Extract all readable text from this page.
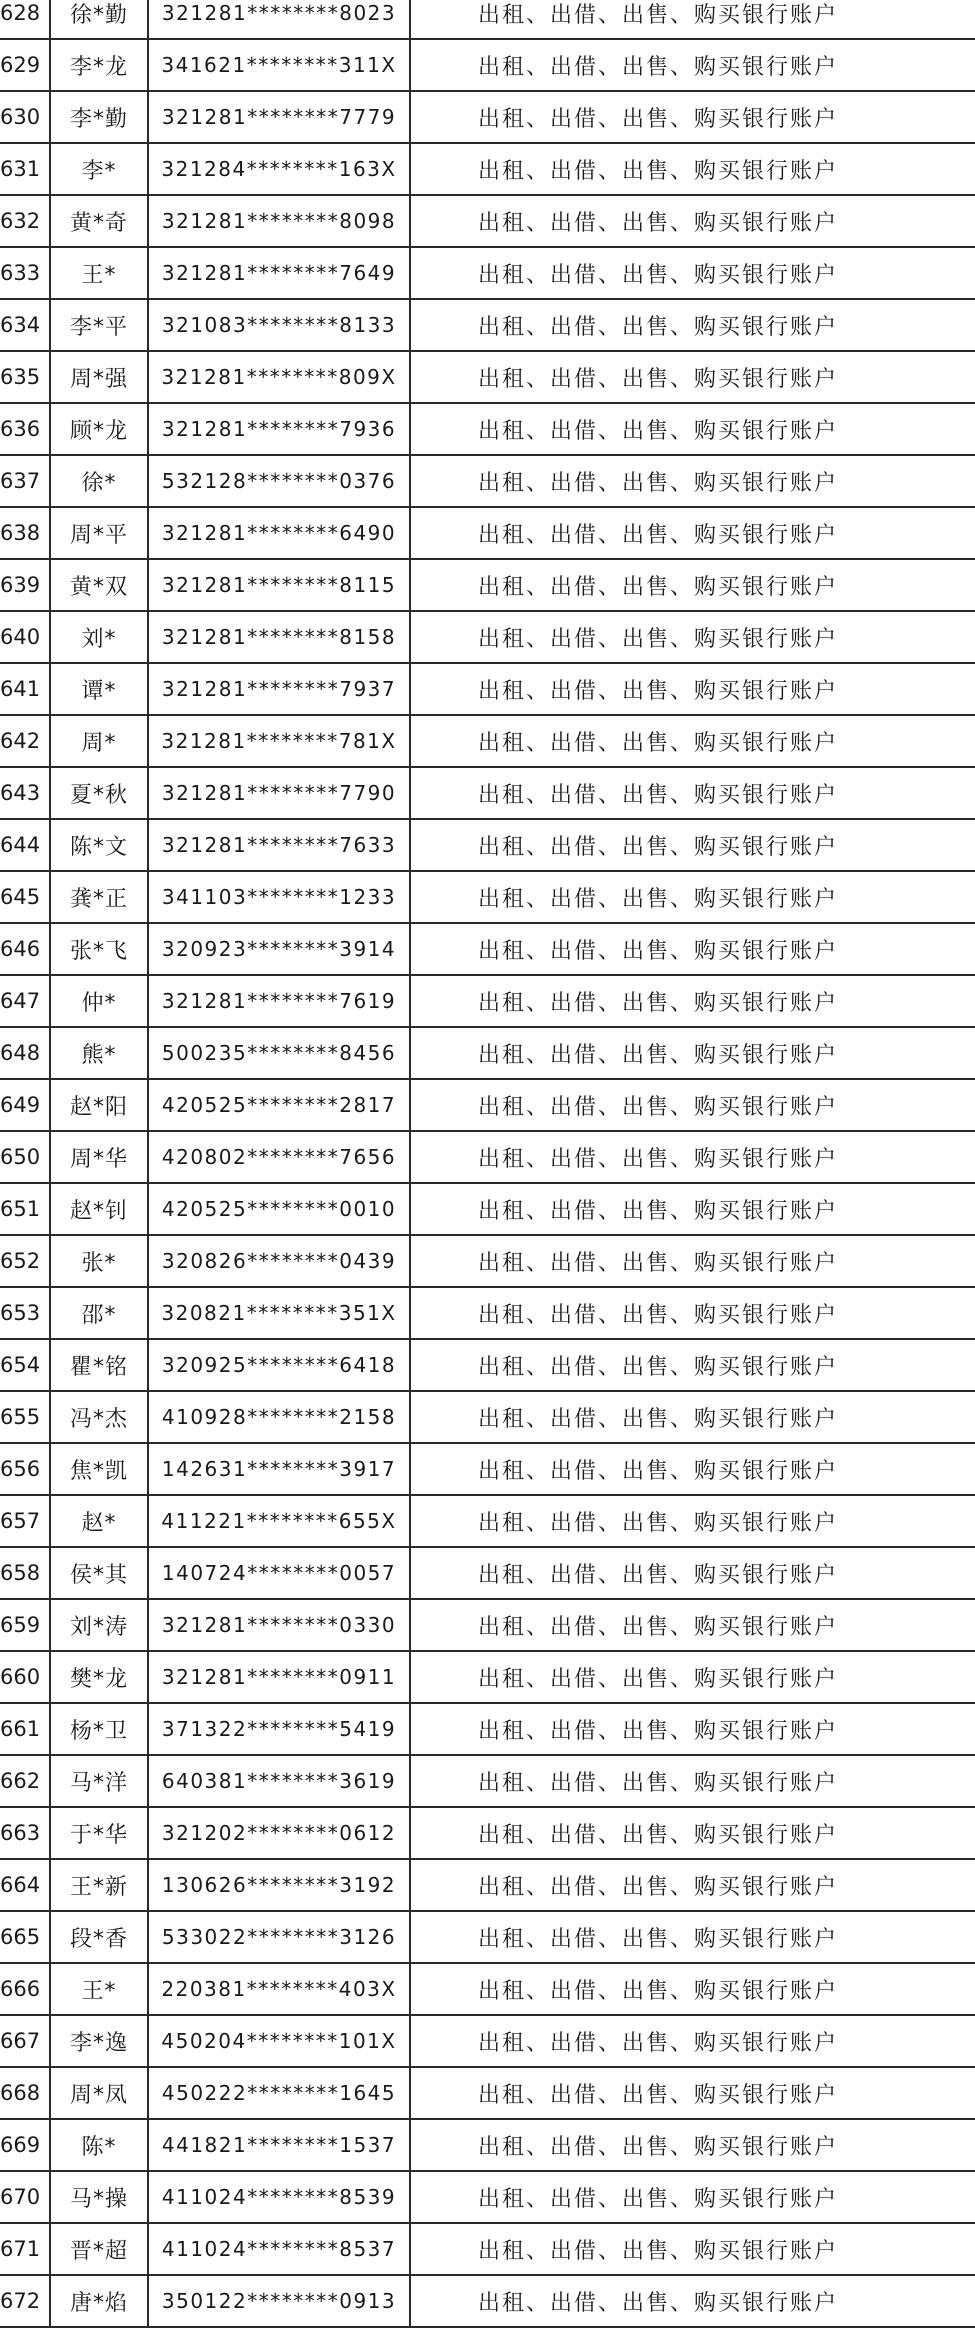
628 徐*勤 321281********8023	出租、出借、出售、购买银行账户
629 李*龙 341621********311X	出租、出借、出售、购买银行账户
630 李*勤 321281********7779	出租、出借、出售、购买银行账户
631 李* 321284********163X	出租、出借、出售、购买银行账户
632 黄*奇 321281********8098	出租、出借、出售、购买银行账户
633 王* 321281********7649	出租、出借、出售、购买银行账户
634 李*平 321083********8133	出租、出借、出售、购买银行账户
635 周*强 321281********809X	出租、出借、出售、购买银行账户
636 顾*龙 321281********7936	出租、出借、出售、购买银行账户
637 徐* 532128********0376	出租、出借、出售、购买银行账户
638 周*平 321281********6490	出租、出借、出售、购买银行账户
639 黄*双 321281********8115	出租、出借、出售、购买银行账户
640 刘* 321281********8158	出租、出借、出售、购买银行账户
641 谭* 321281********7937	出租、出借、出售、购买银行账户
642 周* 321281********781X	出租、出借、出售、购买银行账户
643 夏*秋 321281********7790	出租、出借、出售、购买银行账户
644 陈*文 321281********7633	出租、出借、出售、购买银行账户
645 龚*正 341103********1233	出租、出借、出售、购买银行账户
646 张*飞 320923********3914	出租、出借、出售、购买银行账户
647 仲* 321281********7619	出租、出借、出售、购买银行账户
648 熊* 500235********8456	出租、出借、出售、购买银行账户
649 赵*阳 420525********2817	出租、出借、出售、购买银行账户
650 周*华 420802********7656	出租、出借、出售、购买银行账户
651 赵*钊 420525********0010	出租、出借、出售、购买银行账户
652 张* 320826********0439	出租、出借、出售、购买银行账户
653 邵* 320821********351X	出租、出借、出售、购买银行账户
654 瞿*铭 320925********6418	出租、出借、出售、购买银行账户
655 冯*杰 410928********2158	出租、出借、出售、购买银行账户
656 焦*凯 142631********3917	出租、出借、出售、购买银行账户
657 赵* 411221********655X	出租、出借、出售、购买银行账户
658 侯*其 140724********0057	出租、出借、出售、购买银行账户
659 刘*涛 321281********0330	出租、出借、出售、购买银行账户
660 樊*龙 321281********0911	出租、出借、出售、购买银行账户
661 杨*卫 371322********5419	出租、出借、出售、购买银行账户
662 马*洋 640381********3619	出租、出借、出售、购买银行账户
663 于*华 321202********0612	出租、出借、出售、购买银行账户
664 王*新 130626********3192	出租、出借、出售、购买银行账户
665 段*香 533022********3126	出租、出借、出售、购买银行账户
666 王* 220381********403X	出租、出借、出售、购买银行账户
667 李*逸 450204********101X	出租、出借、出售、购买银行账户
668 周*凤 450222********1645	出租、出借、出售、购买银行账户
669 陈* 441821********1537	出租、出借、出售、购买银行账户
670 马*操 411024********8539	出租、出借、出售、购买银行账户
671 晋*超 411024********8537	出租、出借、出售、购买银行账户
672 唐*焰 350122********0913	出租、出借、出售、购买银行账户
